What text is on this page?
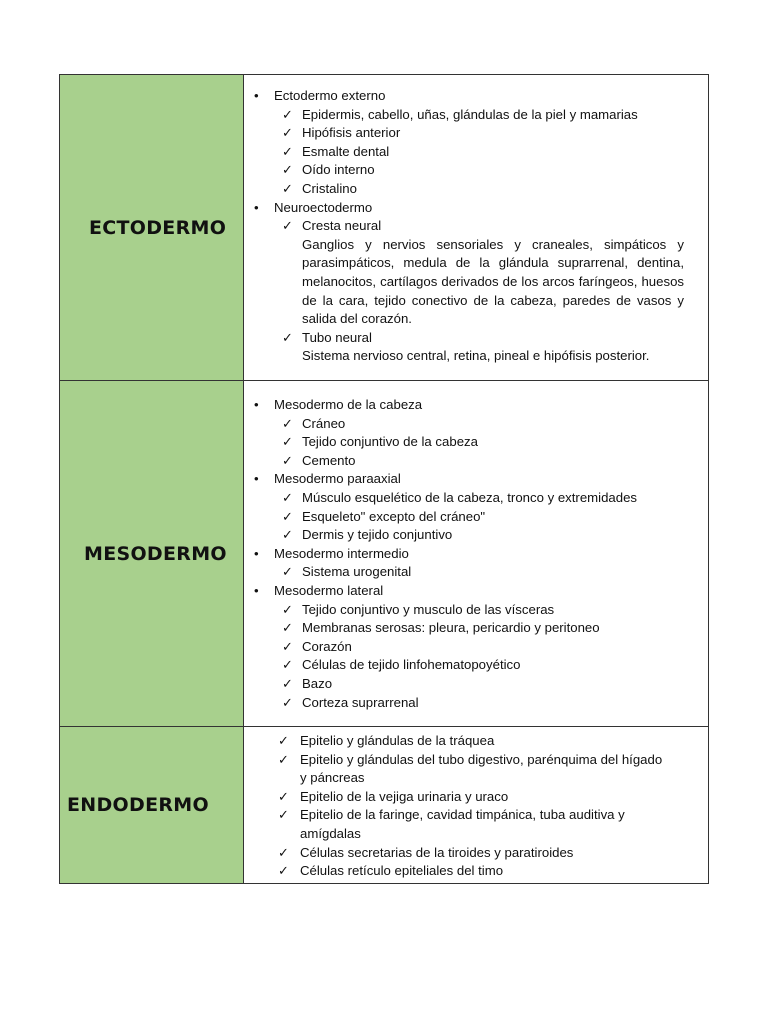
ECTODERMO
• Ectodermo externo
✓ Epidermis, cabello, uñas, glándulas de la piel y mamarias
✓ Hipófisis anterior
✓ Esmalte dental
✓ Oído interno
✓ Cristalino
• Neuroectodermo
✓ Cresta neural
Ganglios y nervios sensoriales y craneales, simpáticos y parasimpáticos, medula de la glándula suprarrenal, dentina, melanocitos, cartílagos derivados de los arcos faríngeos, huesos de la cara, tejido conectivo de la cabeza, paredes de vasos y salida del corazón.
✓ Tubo neural
Sistema nervioso central, retina, pineal e hipófisis posterior.
MESODERMO
• Mesodermo de la cabeza
✓ Cráneo
✓ Tejido conjuntivo de la cabeza
✓ Cemento
• Mesodermo paraaxial
✓ Músculo esquelético de la cabeza, tronco y extremidades
✓ Esqueleto" excepto del cráneo"
✓ Dermis y tejido conjuntivo
• Mesodermo intermedio
✓ Sistema urogenital
• Mesodermo lateral
✓ Tejido conjuntivo y musculo de las vísceras
✓ Membranas serosas: pleura, pericardio y peritoneo
✓ Corazón
✓ Células de tejido linfohematopoyético
✓ Bazo
✓ Corteza suprarrenal
ENDODERMO
✓ Epitelio y glándulas de la tráquea
✓ Epitelio y glándulas del tubo digestivo, parénquima del hígado y páncreas
✓ Epitelio de la vejiga urinaria y uraco
✓ Epitelio de la faringe, cavidad timpánica, tuba auditiva y amígdalas
✓ Células secretarias de la tiroides y paratiroides
✓ Células retículo epiteliales del timo
